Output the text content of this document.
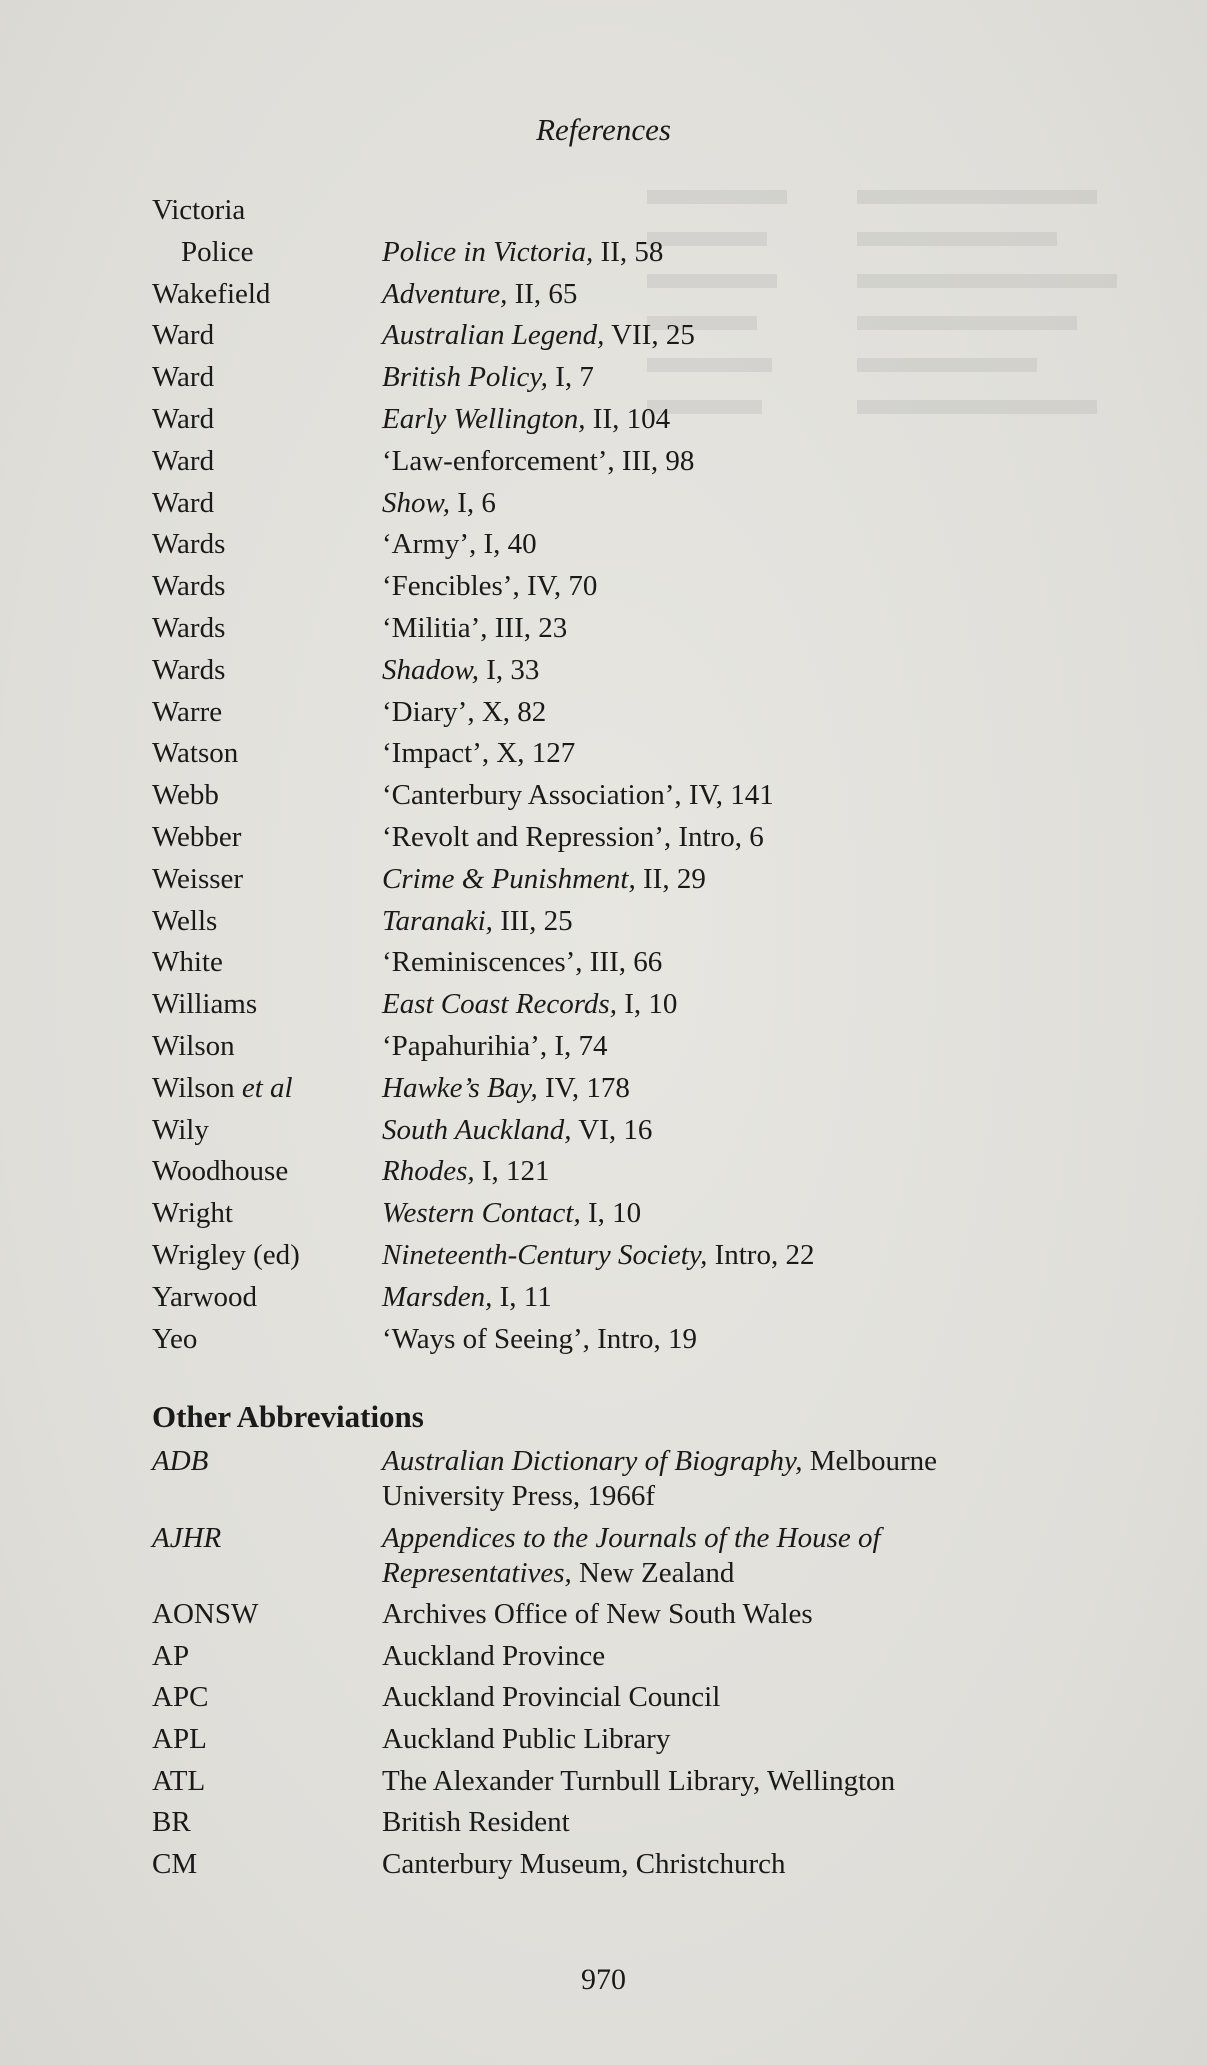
References
Victoria
Police	Police in Victoria, II, 58
Wakefield	Adventure, II, 65
Ward	Australian Legend, VII, 25
Ward	British Policy, I, 7
Ward	Early Wellington, II, 104
Ward	‘Law-enforcement’, III, 98
Ward	Show, I, 6
Wards	‘Army’, I, 40
Wards	‘Fencibles’, IV, 70
Wards	‘Militia’, III, 23
Wards	Shadow, I, 33
Warre	‘Diary’, X, 82
Watson	‘Impact’, X, 127
Webb	‘Canterbury Association’, IV, 141
Webber	‘Revolt and Repression’, Intro, 6
Weisser	Crime & Punishment, II, 29
Wells	Taranaki, III, 25
White	‘Reminiscences’, III, 66
Williams	East Coast Records, I, 10
Wilson	‘Papahurihia’, I, 74
Wilson et al	Hawke’s Bay, IV, 178
Wily	South Auckland, VI, 16
Woodhouse	Rhodes, I, 121
Wright	Western Contact, I, 10
Wrigley (ed)	Nineteenth-Century Society, Intro, 22
Yarwood	Marsden, I, 11
Yeo	‘Ways of Seeing’, Intro, 19
Other Abbreviations
ADB	Australian Dictionary of Biography, Melbourne
University Press, 1966f
AJHR	Appendices to the Journals of the House of
Representatives, New Zealand
AONSW	Archives Office of New South Wales
AP	Auckland Province
APC	Auckland Provincial Council
APL	Auckland Public Library
ATL	The Alexander Turnbull Library, Wellington
BR	British Resident
CM	Canterbury Museum, Christchurch
970
